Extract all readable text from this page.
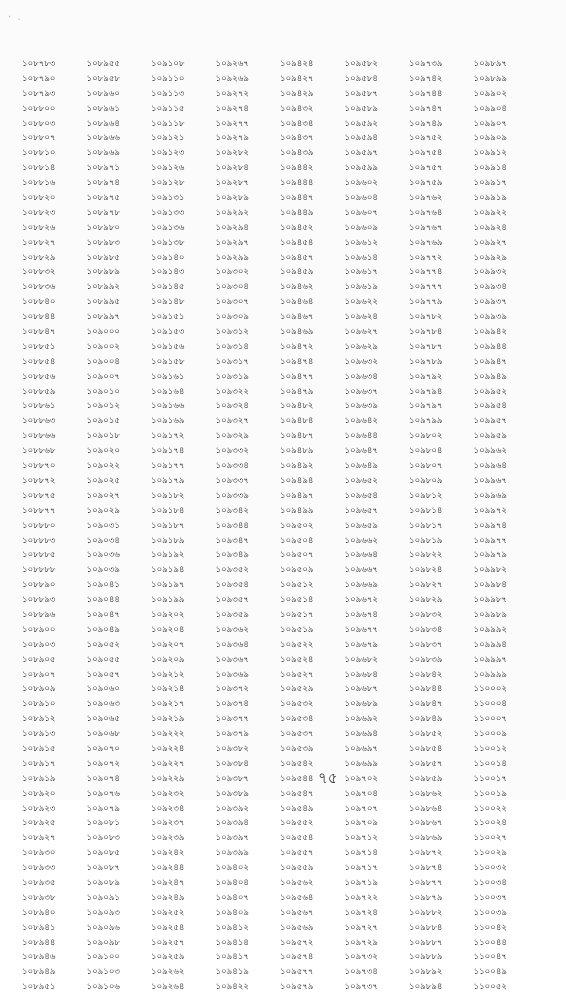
·  .
১০৮৭৮৩	১০৮৯৫৫	১০৯১০৮	১০৯২৬৭	১০৯৪২৪	১০৯৫৮২	১০৯৭৩৯	১০৯৮৯৭
১০৮৭৯০	১০৮৯৫৮	১০৯১১০	১০৯২৬৯	১০৯৪২৭	১০৯৫৮৪	১০৯৭৪২	১০৯৮৯৯
১০৮৭৯৩	১০৮৯৬০	১০৯১১৩	১০৯২৭২	১০৯৪২৯	১০৯৫৮৭	১০৯৭৪৪	১০৯৯০২
১০৮৮০০	১০৮৯৬১	১০৯১১৫	১০৯২৭৪	১০৯৪৩২	১০৯৫৮৯	১০৯৭৪৭	১০৯৯০৪
১০৮৮০৩	১০৮৯৬৪	১০৯১১৮	১০৯২৭৭	১০৯৪৩৪	১০৯৫৯২	১০৯৭৪৯	১০৯৯০৭
১০৮৮০৭	১০৮৯৬৬	১০৯১২১	১০৯২৭৯	১০৯৪৩৭	১০৯৫৯৪	১০৯৭৫২	১০৯৯০৯
১০৮৮১০	১০৮৯৬৯	১০৯১২৩	১০৯২৮২	১০৯৪৩৯	১০৯৫৯৭	১০৯৭৫৪	১০৯৯১২
১০৮৮১৪	১০৮৯৭১	১০৯১২৬	১০৯২৮৪	১০৯৪৪২	১০৯৫৯৯	১০৯৭৫৭	১০৯৯১৪
১০৮৮১৬	১০৮৯৭৪	১০৯১২৮	১০৯২৮৭	১০৯৪৪৪	১০৯৬০২	১০৯৭৫৯	১০৯৯১৭
১০৮৮২০	১০৮৯৭৫	১০৯১৩১	১০৯২৮৯	১০৯৪৪৭	১০৯৬০৪	১০৯৭৬২	১০৯৯১৯
১০৮৮২৩	১০৮৯৭৮	১০৯১৩৩	১০৯২৯২	১০৯৪৪৯	১০৯৬০৭	১০৯৭৬৪	১০৯৯২২
১০৮৮২৬	১০৮৯৮০	১০৯১৩৬	১০৯২৯৪	১০৯৪৫২	১০৯৬০৯	১০৯৭৬৭	১০৯৯২৪
১০৮৮২৭	১০৮৯৮৩	১০৯১৩৮	১০৯২৯৭	১০৯৪৫৪	১০৯৬১২	১০৯৭৬৯	১০৯৯২৭
১০৮৮২৯	১০৮৯৮৫	১০৯১৪০	১০৯২৯৯	১০৯৪৫৭	১০৯৬১৪	১০৯৭৭২	১০৯৯২৯
১০৮৮৩২	১০৮৯৮৯	১০৯১৪৩	১০৯৩০২	১০৯৪৫৯	১০৯৬১৭	১০৯৭৭৪	১০৯৯৩২
১০৮৮৩৬	১০৮৯৯২	১০৯১৪৫	১০৯৩০৪	১০৯৪৬২	১০৯৬১৯	১০৯৭৭৭	১০৯৯৩৪
১০৮৮৪০	১০৮৯৯৫	১০৯১৪৮	১০৯৩০৭	১০৯৪৬৪	১০৯৬২২	১০৯৭৭৯	১০৯৯৩৭
১০৮৮৪৪	১০৮৯৯৭	১০৯১৫১	১০৯৩০৯	১০৯৪৬৭	১০৯৬২৪	১০৯৭৮২	১০৯৯৩৯
১০৮৮৪৭	১০৯০০০	১০৯১৫৩	১০৯৩১২	১০৯৪৬৯	১০৯৬২৭	১০৯৭৮৪	১০৯৯৪২
১০৮৮৫১	১০৯০০২	১০৯১৫৬	১০৯৩১৪	১০৯৪৭২	১০৯৬২৯	১০৯৭৮৭	১০৯৯৪৪
১০৮৮৫৪	১০৯০০৪	১০৯১৫৮	১০৯৩১৭	১০৯৪৭৪	১০৯৬৩২	১০৯৭৮৯	১০৯৯৪৭
১০৮৮৫৬	১০৯০০৭	১০৯১৬১	১০৯৩১৯	১০৯৪৭৭	১০৯৬৩৪	১০৯৭৯২	১০৯৯৪৯
১০৮৮৫৯	১০৯০১০	১০৯১৬৪	১০৯৩২২	১০৯৪৭৯	১০৯৬৩৭	১০৯৭৯৪	১০৯৯৫২
১০৮৮৬১	১০৯০১২	১০৯১৬৬	১০৯৩২৪	১০৯৪৮২	১০৯৬৩৯	১০৯৭৯৭	১০৯৯৫৪
১০৮৮৬৩	১০৯০১৫	১০৯১৬৯	১০৯৩২৭	১০৯৪৮৪	১০৯৬৪২	১০৯৭৯৯	১০৯৯৫৭
১০৮৮৬৬	১০৯০১৮	১০৯১৭২	১০৯৩২৯	১০৯৪৮৭	১০৯৬৪৪	১০৯৮০২	১০৯৯৫৯
১০৮৮৬৮	১০৯০২০	১০৯১৭৪	১০৯৩৩২	১০৯৪৮৯	১০৯৬৪৭	১০৯৮০৪	১০৯৯৬২
১০৮৮৭০	১০৯০২২	১০৯১৭৭	১০৯৩৩৪	১০৯৪৯২	১০৯৬৪৯	১০৯৮০৭	১০৯৯৬৪
১০৮৮৭২	১০৯০২৫	১০৯১৭৯	১০৯৩৩৭	১০৯৪৯৪	১০৯৬৫২	১০৯৮০৯	১০৯৯৬৭
১০৮৮৭৫	১০৯০২৭	১০৯১৮২	১০৯৩৩৯	১০৯৪৯৭	১০৯৬৫৪	১০৯৮১২	১০৯৯৬৯
১০৮৮৭৭	১০৯০২৯	১০৯১৮৪	১০৯৩৪২	১০৯৪৯৯	১০৯৬৫৭	১০৯৮১৪	১০৯৯৭২
১০৮৮৮০	১০৯০৩১	১০৯১৮৭	১০৯৩৪৪	১০৯৫০২	১০৯৬৫৯	১০৯৮১৭	১০৯৯৭৪
১০৮৮৮৩	১০৯০৩৪	১০৯১৮৯	১০৯৩৪৭	১০৯৫০৪	১০৯৬৬২	১০৯৮১৯	১০৯৯৭৭
১০৮৮৮৫	১০৯০৩৬	১০৯১৯২	১০৯৩৪৯	১০৯৫০৭	১০৯৬৬৪	১০৯৮২২	১০৯৯৭৯
১০৮৮৮৮	১০৯০৩৯	১০৯১৯৪	১০৯৩৫২	১০৯৫০৯	১০৯৬৬৭	১০৯৮২৪	১০৯৯৮২
১০৮৮৯০	১০৯০৪১	১০৯১৯৭	১০৯৩৫৪	১০৯৫১২	১০৯৬৬৯	১০৯৮২৭	১০৯৯৮৪
১০৮৮৯৩	১০৯০৪৪	১০৯১৯৯	১০৯৩৫৭	১০৯৫১৪	১০৯৬৭২	১০৯৮২৯	১০৯৯৮৭
১০৮৮৯৬	১০৯০৪৭	১০৯২০২	১০৯৩৫৯	১০৯৫১৭	১০৯৬৭৪	১০৯৮৩২	১০৯৯৮৯
১০৮৯০০	১০৯০৪৯	১০৯২০৪	১০৯৩৬২	১০৯৫১৯	১০৯৬৭৭	১০৯৮৩৪	১০৯৯৯২
১০৮৯০৩	১০৯০৫২	১০৯২০৭	১০৯৩৬৪	১০৯৫২২	১০৯৬৭৯	১০৯৮৩৭	১০৯৯৯৪
১০৮৯০৫	১০৯০৫৫	১০৯২০৯	১০৯৩৬৭	১০৯৫২৪	১০৯৬৮২	১০৯৮৩৯	১০৯৯৯৭
১০৮৯০৭	১০৯০৫৭	১০৯২১২	১০৯৩৬৯	১০৯৫২৭	১০৯৬৮৪	১০৯৮৪২	১০৯৯৯৯
১০৮৯০৯	১০৯০৬০	১০৯২১৪	১০৯৩৭২	১০৯৫২৯	১০৯৬৮৭	১০৯৮৪৪	১১০০০২
১০৮৯১০	১০৯০৬৩	১০৯২১৭	১০৯৩৭৪	১০৯৫৩২	১০৯৬৮৯	১০৯৮৪৭	১১০০০৪
১০৮৯১২	১০৯০৬৫	১০৯২১৯	১০৯৩৭৭	১০৯৫৩৪	১০৯৬৯২	১০৯৮৪৯	১১০০০৭
১০৮৯১৩	১০৯০৬৮	১০৯২২২	১০৯৩৭৯	১০৯৫৩৭	১০৯৬৯৪	১০৯৮৫২	১১০০০৯
১০৮৯১৫	১০৯০৭০	১০৯২২৪	১০৯৩৮২	১০৯৫৩৯	১০৯৬৯৭	১০৯৮৫৪	১১০০১২
১০৮৯১৭	১০৯০৭২	১০৯২২৭	১০৯৩৮৪	১০৯৫৪২	১০৯৬৯৯	১০৯৮৫৭	১১০০১৪
১০৮৯১৯	১০৯০৭৪	১০৯২২৯	১০৯৩৮৭	১০৯৫৪৪	১০৯৭০২	১০৯৮৫৯	১১০০১৭
১০৮৯২০	১০৯০৭৬	১০৯২৩২	১০৯৩৮৯	১০৯৫৪৭	১০৯৭০৪	১০৯৮৬২	১১০০১৯
১০৮৯২৩	১০৯০৭৯	১০৯২৩৪	১০৯৩৯২	১০৯৫৪৯	১০৯৭০৭	১০৯৮৬৪	১১০০২২
১০৮৯২৫	১০৯০৮১	১০৯২৩৭	১০৯৩৯৪	১০৯৫৫২	১০৯৭০৯	১০৯৮৬৭	১১০০২৪
১০৮৯২৭	১০৯০৮৩	১০৯২৩৯	১০৯৩৯৭	১০৯৫৫৪	১০৯৭১২	১০৯৮৬৯	১১০০২৭
১০৮৯৩০	১০৯০৮৫	১০৯২৪২	১০৯৩৯৯	১০৯৫৫৭	১০৯৭১৪	১০৯৮৭২	১১০০২৯
১০৮৯৩৩	১০৯০৮৭	১০৯২৪৪	১০৯৪০২	১০৯৫৫৯	১০৯৭১৭	১০৯৮৭৪	১১০০৩২
১০৮৯৩৫	১০৯০৮৯	১০৯২৪৭	১০৯৪০৪	১০৯৫৬২	১০৯৭১৯	১০৯৮৭৭	১১০০৩৪
১০৮৯৩৮	১০৯০৯১	১০৯২৪৯	১০৯৪০৭	১০৯৫৬৪	১০৯৭২২	১০৯৮৭৯	১১০০৩৭
১০৮৯৪০	১০৯০৯৩	১০৯২৫২	১০৯৪০৯	১০৯৫৬৭	১০৯৭২৪	১০৯৮৮২	১১০০৩৯
১০৮৯৪১	১০৯০৯৬	১০৯২৫৪	১০৯৪১২	১০৯৫৬৯	১০৯৭২৭	১০৯৮৮৪	১১০০৪২
১০৮৯৪৪	১০৯০৯৮	১০৯২৫৭	১০৯৪১৪	১০৯৫৭২	১০৯৭২৯	১০৯৮৮৭	১১০০৪৪
১০৮৯৪৬	১০৯১০০	১০৯২৫৯	১০৯৪১৭	১০৯৫৭৪	১০৯৭৩২	১০৯৮৮৯	১১০০৪৭
১০৮৯৪৯	১০৯১০৩	১০৯২৬২	১০৯৪১৯	১০৯৫৭৭	১০৯৭৩৪	১০৯৮৯২	১১০০৪৯
১০৮৯৫১	১০৯১০৬	১০৯২৬৪	১০৯৪২২	১০৯৫৭৯	১০৯৭৩৭	১০৯৮৯৪	১১০০৫২
৭৫
